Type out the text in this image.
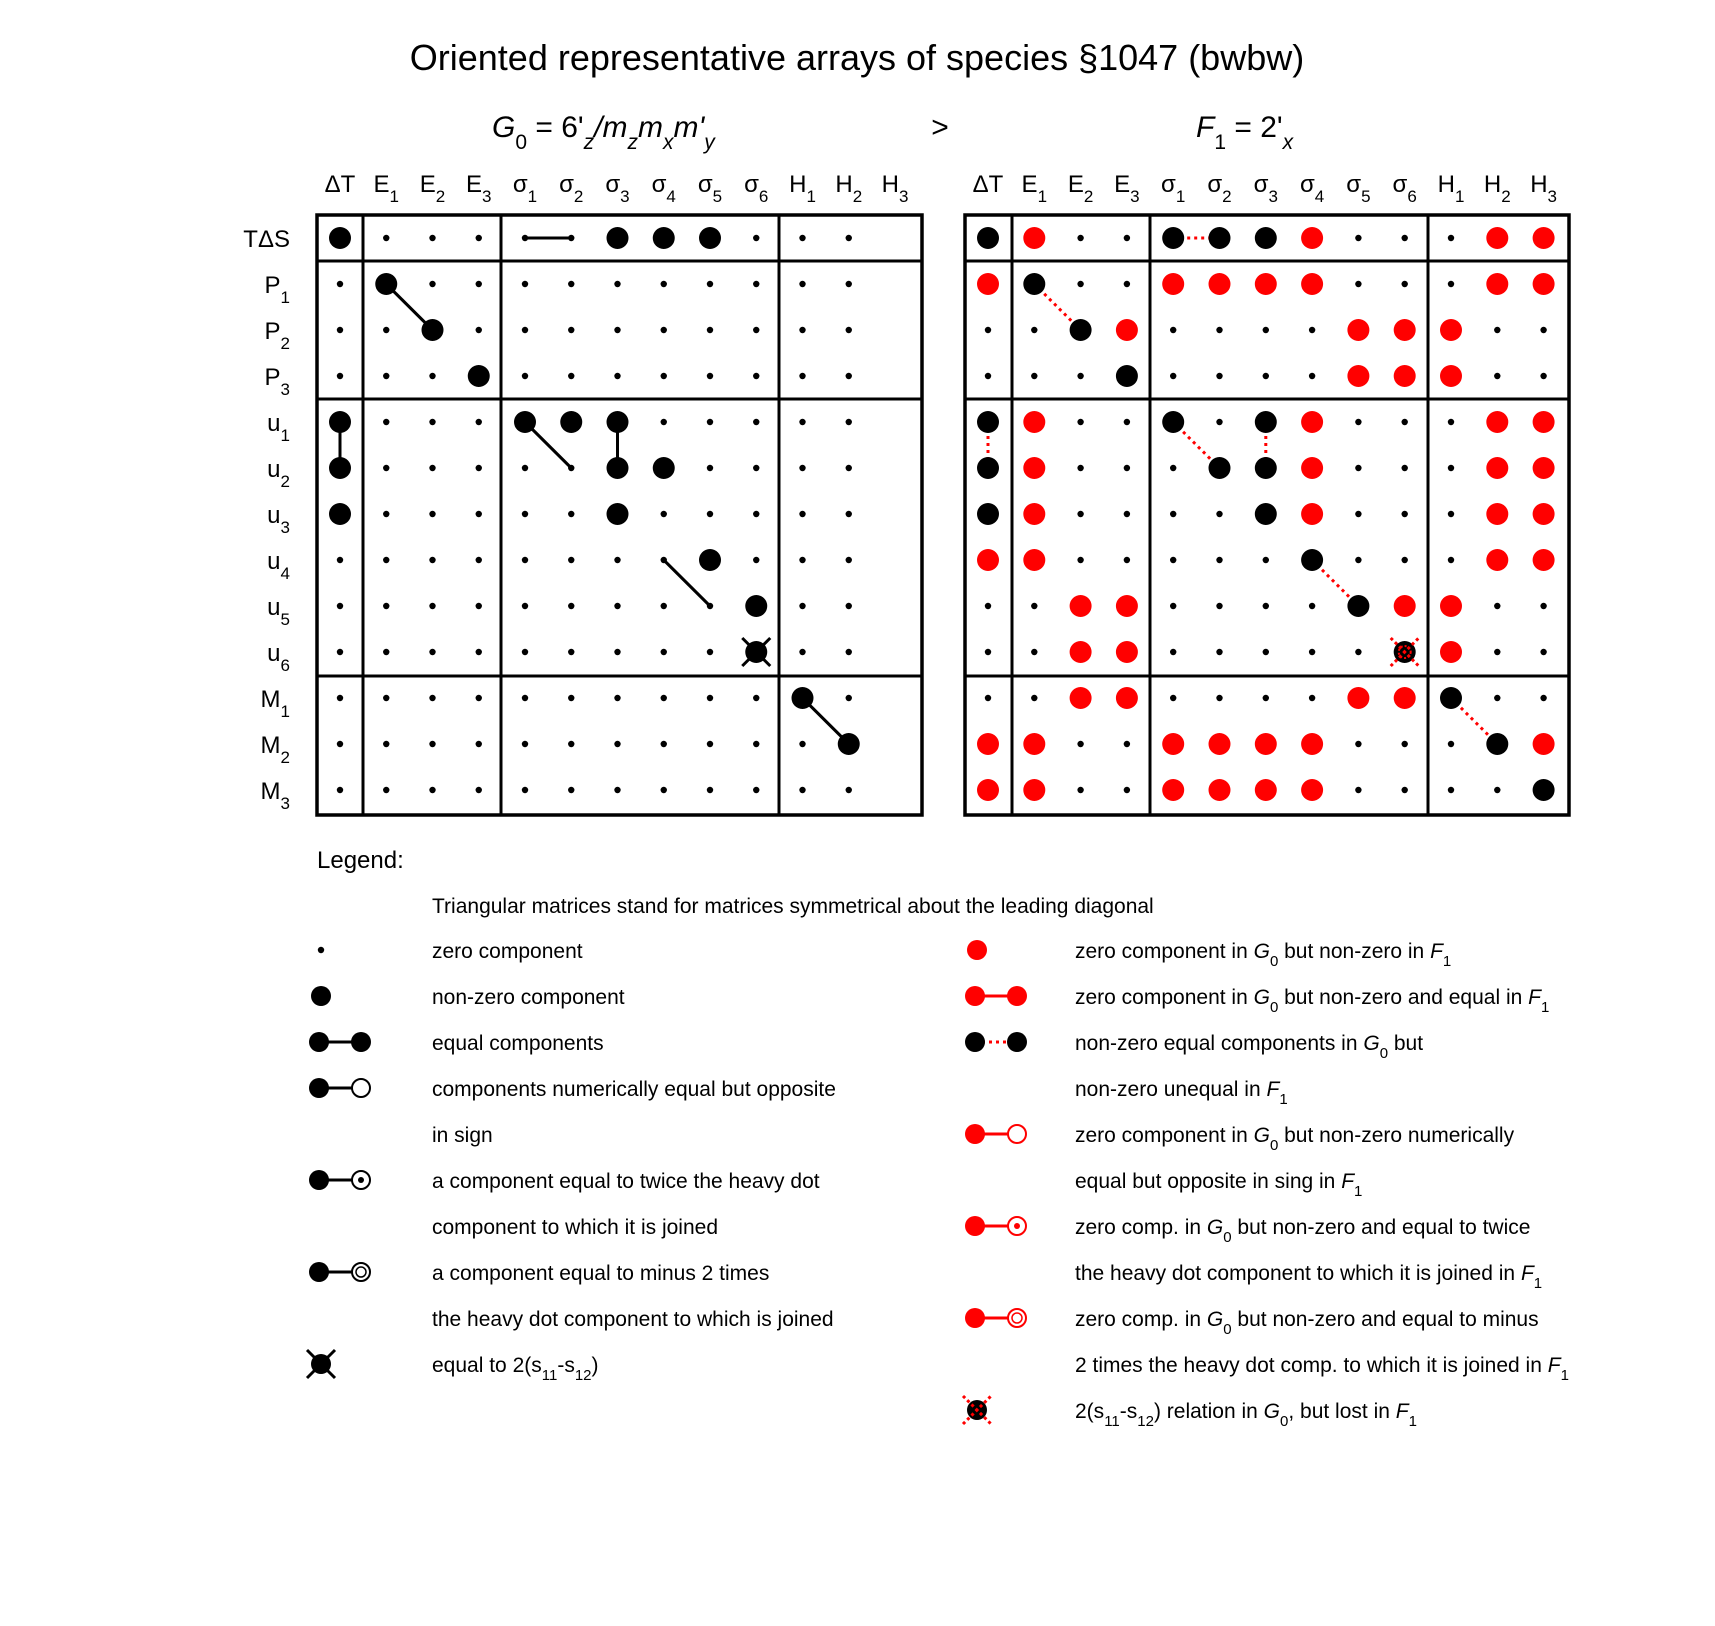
Oriented representative arrays of species §1047 (bwbw)
>
$G_0 = 6'_z/m_zm_xm'_y$	$F_1 = 2'_x$
ΔT $E_1$ $E_2$ $E_3$ $\sigma_1$ $\sigma_2$ $\sigma_3$ $\sigma_4$ $\sigma_5$ $\sigma_6$ $H_1$ $H_2$ $H_3$	ΔT $E_1$ $E_2$ $E_3$ $\sigma_1$ $\sigma_2$ $\sigma_3$ $\sigma_4$ $\sigma_5$ $\sigma_6$ $H_1$ $H_2$ $H_3$
TΔS
$P_1$
$P_2$
$P_3$
$u_1$
$u_2$
$u_3$
$u_4$
$u_5$
$u_6$
$M_1$
$M_2$
$M_3$
Legend:
Triangular matrices stand for matrices symmetrical about the leading diagonal
zero component
non-zero component
equal components
components numerically equal but opposite
in sign
a component equal to twice the heavy dot
component to which it is joined
a component equal to minus 2 times
the heavy dot component to which is joined
equal to $2(s_{11}-s_{12})$
zero component in $G_0$ but non-zero in $F_1$
zero component in $G_0$ but non-zero and equal in $F_1$
non-zero equal components in $G_0$ but
non-zero unequal in $F_1$
zero component in $G_0$ but non-zero numerically
equal but opposite in sing in $F_1$
zero comp. in $G_0$ but non-zero and equal to twice
the heavy dot component to which it is joined in $F_1$
zero comp. in $G_0$ but non-zero and equal to minus
2 times the heavy dot comp. to which it is joined in $F_1$
$2(s_{11}-s_{12})$ relation in $G_0$, but lost in $F_1$
